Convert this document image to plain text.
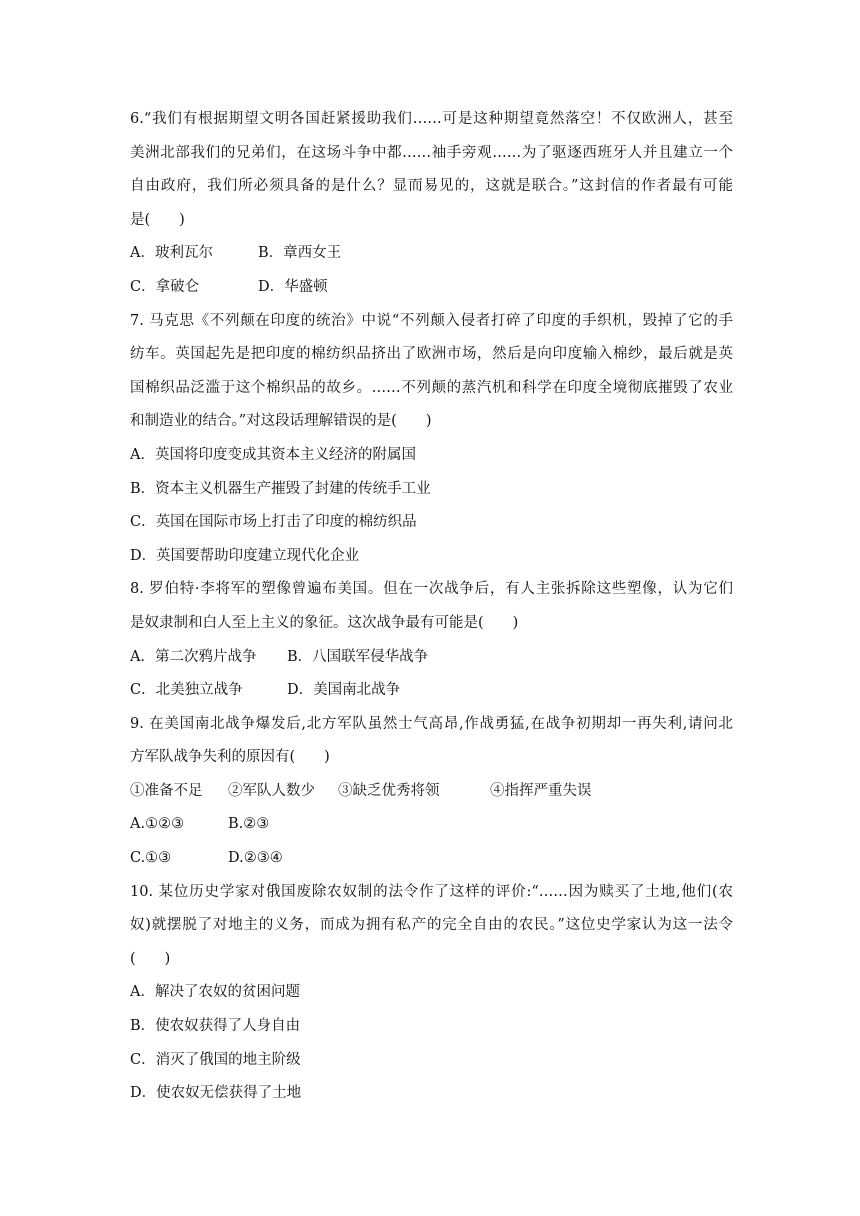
6.“我们有根据期望文明各国赶紧援助我们……可是这种期望竟然落空！不仅欧洲人，甚至
美洲北部我们的兄弟们，在这场斗争中都……袖手旁观……为了驱逐西班牙人并且建立一个
自由政府，我们所必须具备的是什么？显而易见的，这就是联合。”这封信的作者最有可能
是(　　)
A．玻利瓦尔	B．章西女王
C．拿破仑	D．华盛顿
7. 马克思《不列颠在印度的统治》中说“不列颠入侵者打碎了印度的手织机，毁掉了它的手
纺车。英国起先是把印度的棉纺织品挤出了欧洲市场，然后是向印度输入棉纱，最后就是英
国棉织品泛滥于这个棉织品的故乡。……不列颠的蒸汽机和科学在印度全境彻底摧毁了农业
和制造业的结合。”对这段话理解错误的是(　　)
A．英国将印度变成其资本主义经济的附属国
B．资本主义机器生产摧毁了封建的传统手工业
C．英国在国际市场上打击了印度的棉纺织品
D．英国要帮助印度建立现代化企业
8. 罗伯特·李将军的塑像曾遍布美国。但在一次战争后，有人主张拆除这些塑像，认为它们
是奴隶制和白人至上主义的象征。这次战争最有可能是(　　)
A．第二次鸦片战争 B．八国联军侵华战争
C．北美独立战争	D．美国南北战争
9. 在美国南北战争爆发后,北方军队虽然士气高昂,作战勇猛,在战争初期却一再失利,请问北
方军队战争失利的原因有(　　)
①准备不足 ②军队人数少 ③缺乏优秀将领	④指挥严重失误
A.①②③	B.②③
C.①③	D.②③④
10. 某位历史学家对俄国废除农奴制的法令作了这样的评价:“……因为赎买了土地,他们(农
奴)就摆脱了对地主的义务，而成为拥有私产的完全自由的农民。”这位史学家认为这一法令
(　　)
A．解决了农奴的贫困问题
B．使农奴获得了人身自由
C．消灭了俄国的地主阶级
D．使农奴无偿获得了土地
